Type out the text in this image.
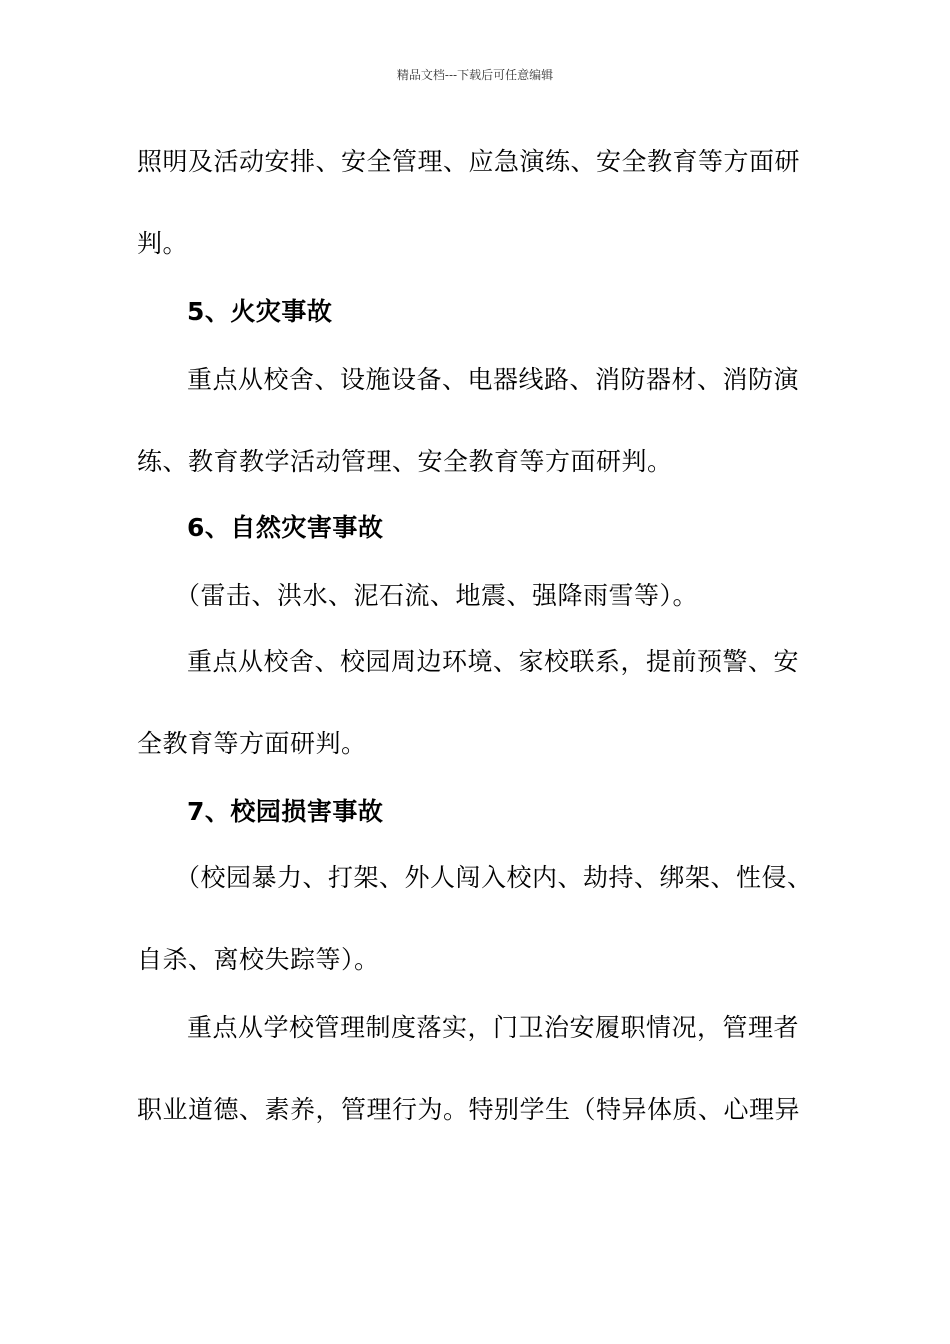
精品文档---下载后可任意编辑
照明及活动安排、安全管理、应急演练、安全教育等方面研
判。
5、火灾事故
重点从校舍、设施设备、电器线路、消防器材、消防演
练、教育教学活动管理、安全教育等方面研判。
6、自然灾害事故
（雷击、洪水、泥石流、地震、强降雨雪等）。
重点从校舍、校园周边环境、家校联系，提前预警、安
全教育等方面研判。
7、校园损害事故
（校园暴力、打架、外人闯入校内、劫持、绑架、性侵、
自杀、离校失踪等）。
重点从学校管理制度落实，门卫治安履职情况，管理者
职业道德、素养，管理行为。特别学生（特异体质、心理异
